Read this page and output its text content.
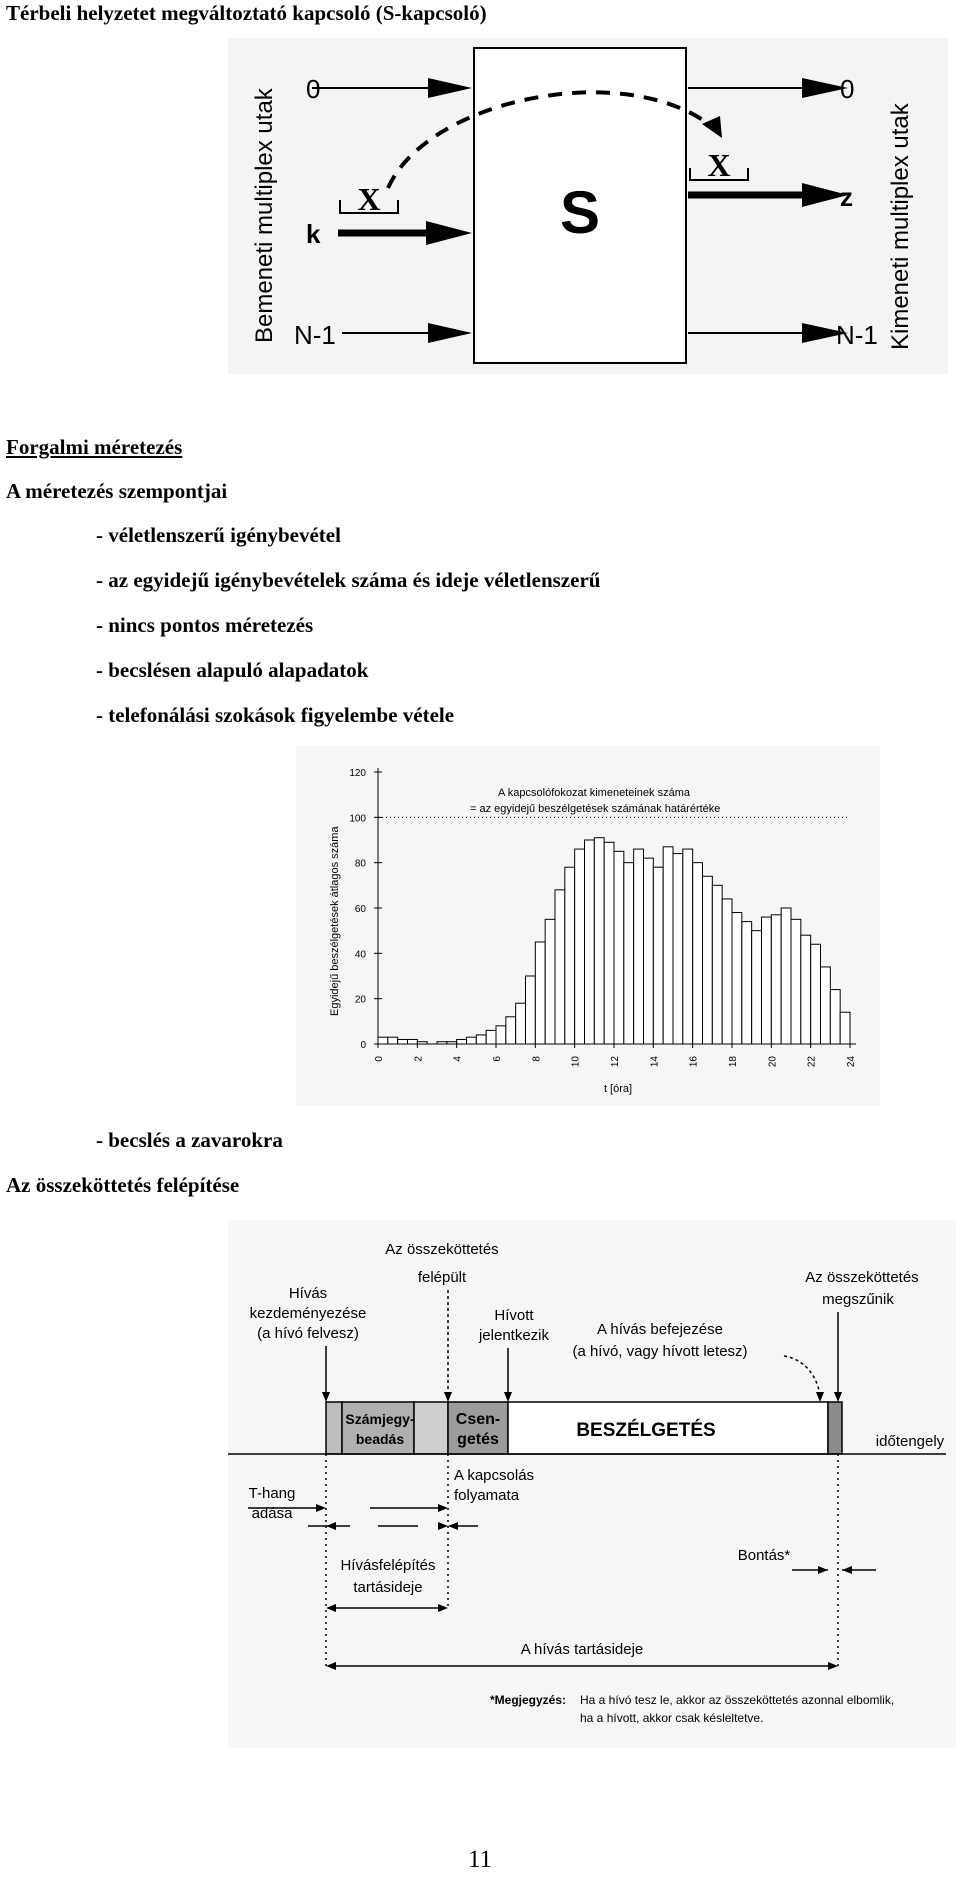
Térbeli helyzetet megváltoztató kapcsoló (S-kapcsoló)
Bemeneti multiplex utak	Kimeneti multiplex utak
S
0
k
N-1
0
z
N-1
X
X
Forgalmi méretezés
A méretezés szempontjai
- véletlenszerű igénybevétel
- az egyidejű igénybevételek száma és ideje véletlenszerű
- nincs pontos méretezés
- becslésen alapuló alapadatok
- telefonálási szokások figyelembe vétele
Egyidejű beszélgetések átlagos száma
t [óra]
A kapcsolófokozat kimeneteinek száma
= az egyidejű beszélgetések számának határértéke
0
20
40
60
80
100
120
0	2	4	6	8	10	12	14	16	18	20	22	24
- becslés a zavarokra
Az összeköttetés felépítése
Az összeköttetés
felépült
Hívás
kezdeményezése
(a hívó felvesz)
Hívott
jelentkezik	A hívás befejezése
(a hívó, vagy hívott letesz)
Az összeköttetés
megszűnik
Számjegy-
beadás
Csen-
getés	BESZÉLGETÉS
időtengely
T-hang
adása
A kapcsolás
folyamata
Bontás*
Hívásfelépítés
tartásideje
A hívás tartásideje
*Megjegyzés: Ha a hívó tesz le, akkor az összeköttetés azonnal elbomlik,
ha a hívott, akkor csak késleltetve.
11
